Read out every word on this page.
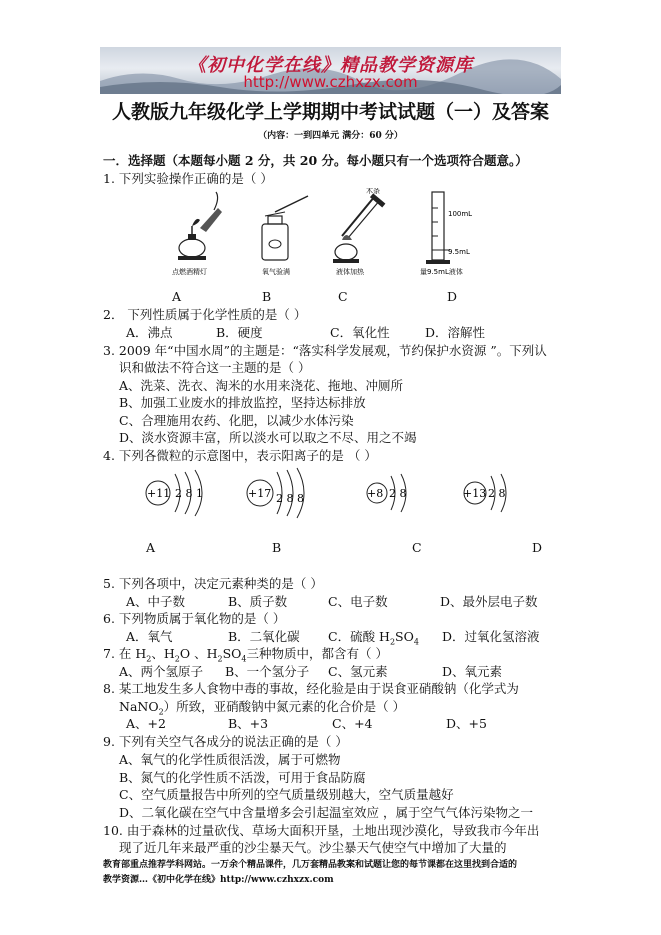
《初中化学在线》精品教学资源库
http://www.czhxzx.com
人教版九年级化学上学期期中考试试题（一）及答案
（内容：一到四单元 满分：60 分）
一．选择题（本题每小题 2 分，共 20 分。每小题只有一个选项符合题意。）
1. 下列实验操作正确的是（ ）
木条
100mL
9.5mL
点燃酒精灯	氧气验满	液体加热	量9.5mL液体
A	B	C	D
2． 下列性质属于化学性质的是（ ）
A．沸点	B．硬度	C．氧化性	D．溶解性
3. 2009 年“中国水周”的主题是：“落实科学发展观，节约保护水资源 ”。下列认
识和做法不符合这一主题的是（ ）
A、洗菜、洗衣、淘米的水用来浇花、拖地、冲厕所
B、加强工业废水的排放监控，坚持达标排放
C、合理施用农药、化肥，以减少水体污染
D、淡水资源丰富，所以淡水可以取之不尽、用之不竭
4. 下列各微粒的示意图中，表示阳离子的是 （ ）
+11 2 8 1	+17 2 8 8	+8 2 8	+13 2 8
A	B	C	D
5. 下列各项中，决定元素种类的是（ ）
A、中子数	B、质子数	C、电子数	D、最外层电子数
6. 下列物质属于氧化物的是（ ）
A．氧气	B．二氧化碳 C．硫酸 $H_2SO_4$ D．过氧化氢溶液
7. 在 $H_2$、$H_2O$ 、$H_2SO_4$三种物质中，都含有（ ）
A、两个氢原子 B、一个氢分子 C、氢元素	D、氧元素
8. 某工地发生多人食物中毒的事故，经化验是由于误食亚硝酸钠（化学式为
NaNO$_2$）所致，亚硝酸钠中氮元素的化合价是（ ）
A、+2	B、+3	C、+4	D、+5
9. 下列有关空气各成分的说法正确的是（ ）
A、氧气的化学性质很活泼，属于可燃物
B、氮气的化学性质不活泼，可用于食品防腐
C、空气质量报告中所列的空气质量级别越大，空气质量越好
D、二氧化碳在空气中含量增多会引起温室效应 ，属于空气气体污染物之一
10. 由于森林的过量砍伐、草场大面积开垦，土地出现沙漠化，导致我市今年出
现了近几年来最严重的沙尘暴天气。沙尘暴天气使空气中增加了大量的
教育部重点推荐学科网站。一万余个精品课件，几万套精品教案和试题让您的每节课都在这里找到合适的
教学资源…《初中化学在线》http://www.czhxzx.com
